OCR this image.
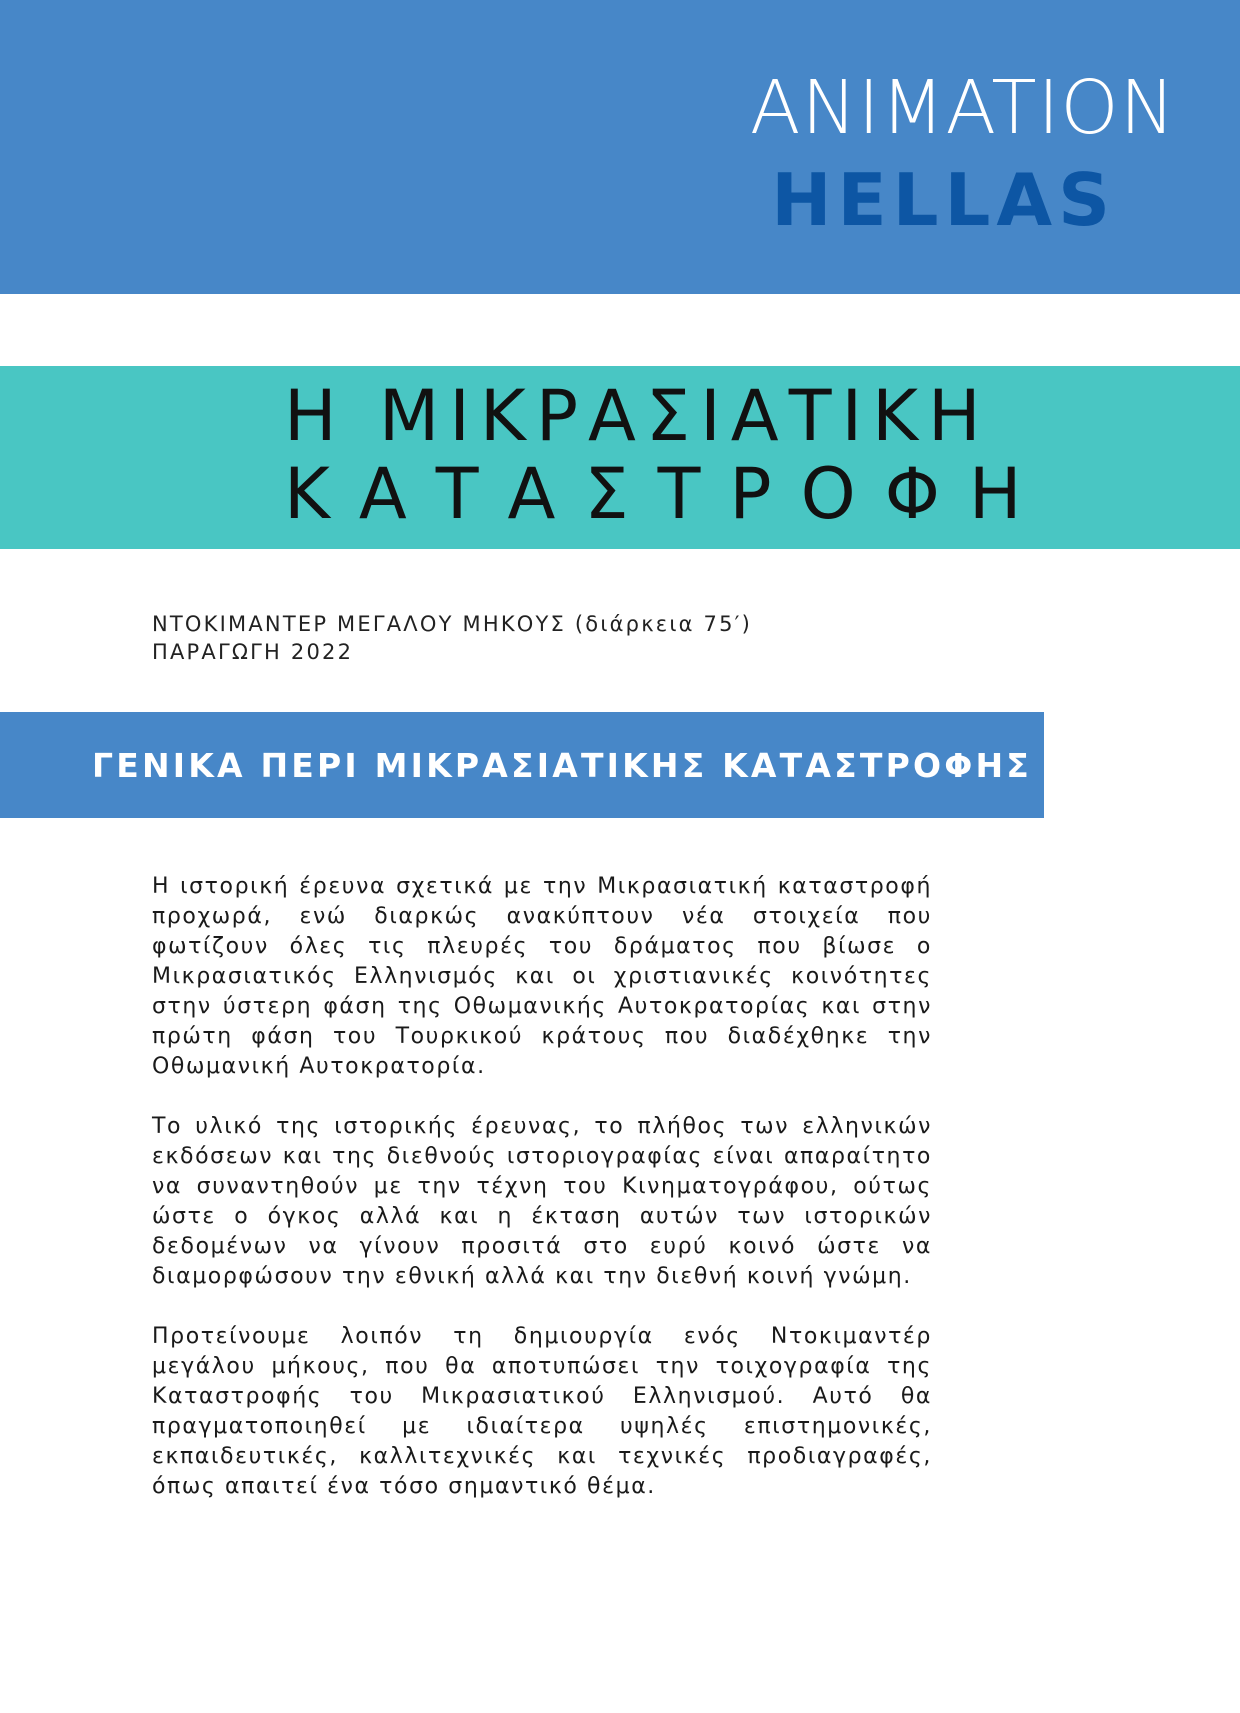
ANIMATION
HELLAS
Η ΜΙΚΡΑΣΙΑΤΙΚΗ
ΚΑΤΑΣΤΡΟΦΗ
ΝΤΟΚΙΜΑΝΤΕΡ ΜΕΓΑΛΟΥ ΜΗΚΟΥΣ (διάρκεια 75′)
ΠΑΡΑΓΩΓΗ 2022
ΓΕΝΙΚΑ ΠΕΡΙ ΜΙΚΡΑΣΙΑΤΙΚΗΣ ΚΑΤΑΣΤΡΟΦΗΣ
Η ιστορική έρευνα σχετικά με την Μικρασιατική καταστροφή προχωρά, ενώ διαρκώς ανακύπτουν νέα στοιχεία που φωτίζουν όλες τις πλευρές του δράματος που βίωσε ο Μικρασιατικός Ελληνισμός και οι χριστιανικές κοινότητες στην ύστερη φάση της Οθωμανικής Αυτοκρατορίας και στην πρώτη φάση του Τουρκικού κράτους που διαδέχθηκε την Οθωμανική Αυτοκρατορία.
Το υλικό της ιστορικής έρευνας, το πλήθος των ελληνικών εκδόσεων και της διεθνούς ιστοριογραφίας είναι απαραίτητο να συναντηθούν με την τέχνη του Κινηματογράφου, ούτως ώστε ο όγκος αλλά και η έκταση αυτών των ιστορικών δεδομένων να γίνουν προσιτά στο ευρύ κοινό ώστε να διαμορφώσουν την εθνική αλλά και την διεθνή κοινή γνώμη.
Προτείνουμε λοιπόν τη δημιουργία ενός Ντοκιμαντέρ μεγάλου μήκους, που θα αποτυπώσει την τοιχογραφία της Καταστροφής του Μικρασιατικού Ελληνισμού. Αυτό θα πραγματοποιηθεί με ιδιαίτερα υψηλές επιστημονικές, εκπαιδευτικές, καλλιτεχνικές και τεχνικές προδιαγραφές, όπως απαιτεί ένα τόσο σημαντικό θέμα.
